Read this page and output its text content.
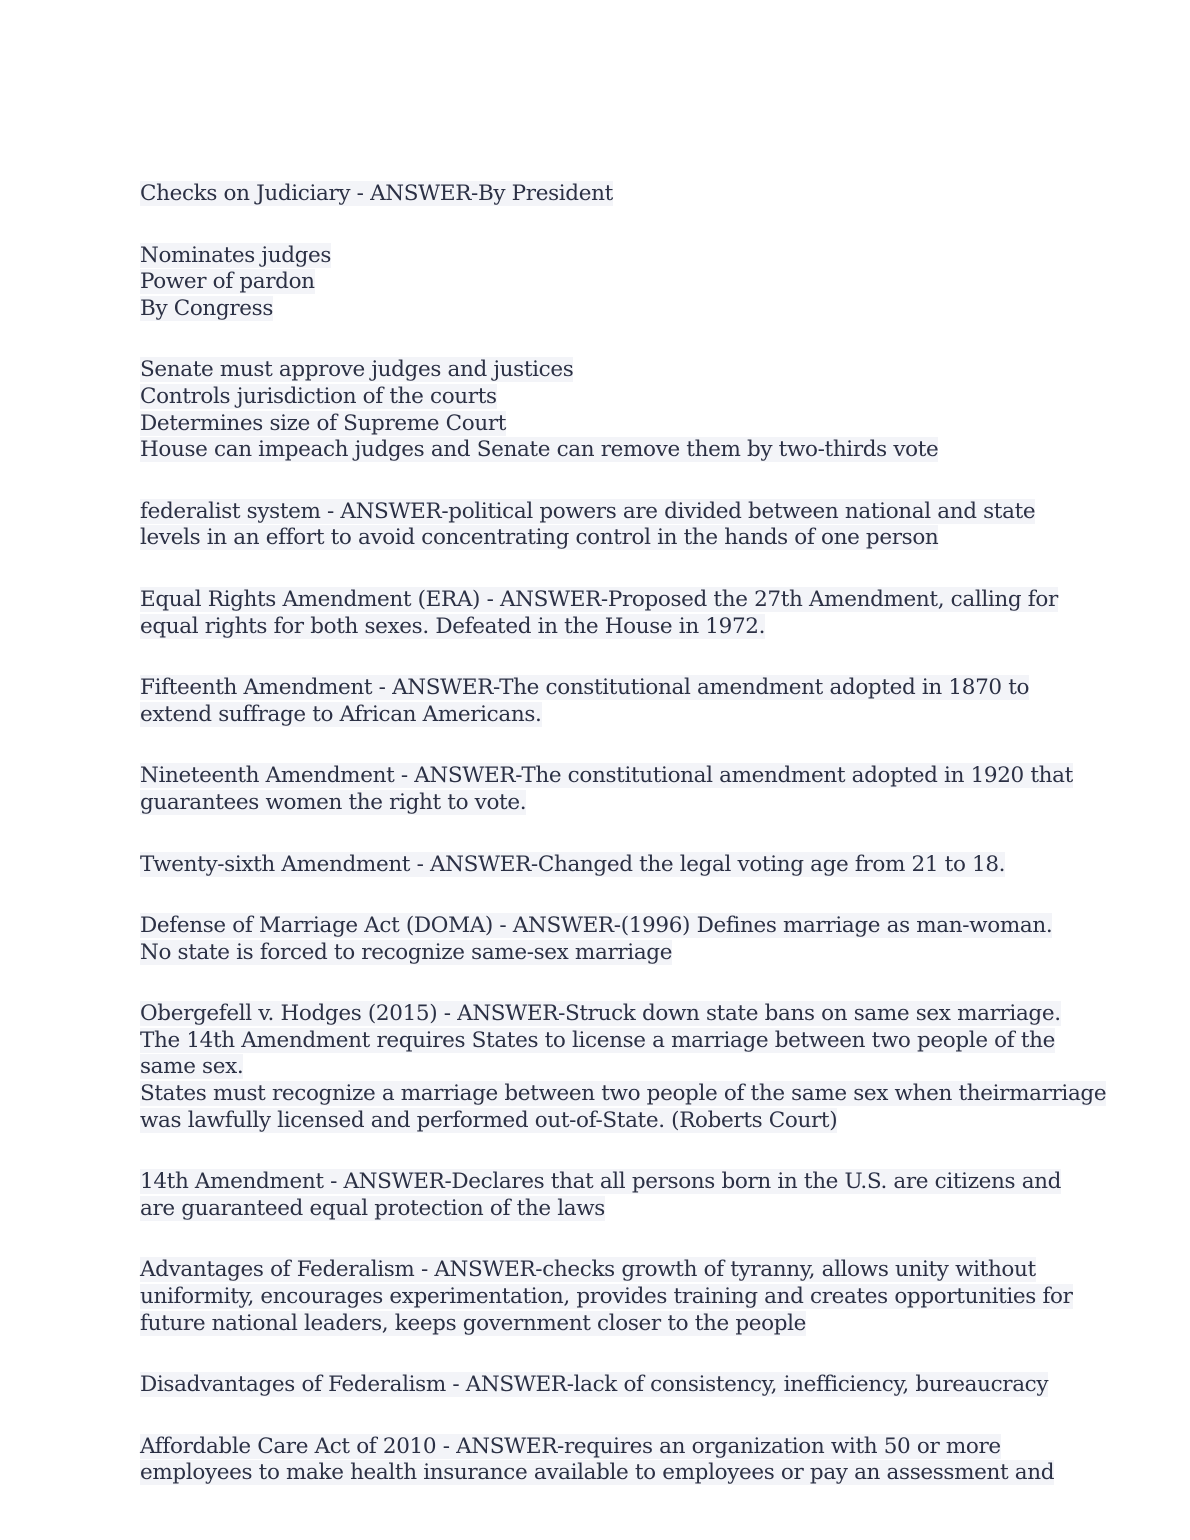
Checks on Judiciary - ANSWER-By President
Nominates judges
Power of pardon
By Congress
Senate must approve judges and justices
Controls jurisdiction of the courts
Determines size of Supreme Court
House can impeach judges and Senate can remove them by two-thirds vote
federalist system - ANSWER-political powers are divided between national and state
levels in an effort to avoid concentrating control in the hands of one person
Equal Rights Amendment (ERA) - ANSWER-Proposed the 27th Amendment, calling for
equal rights for both sexes. Defeated in the House in 1972.
Fifteenth Amendment - ANSWER-The constitutional amendment adopted in 1870 to
extend suffrage to African Americans.
Nineteenth Amendment - ANSWER-The constitutional amendment adopted in 1920 that
guarantees women the right to vote.
Twenty-sixth Amendment - ANSWER-Changed the legal voting age from 21 to 18.
Defense of Marriage Act (DOMA) - ANSWER-(1996) Defines marriage as man-woman.
No state is forced to recognize same-sex marriage
Obergefell v. Hodges (2015) - ANSWER-Struck down state bans on same sex marriage.
The 14th Amendment requires States to license a marriage between two people of the
same sex.
States must recognize a marriage between two people of the same sex when theirmarriage
was lawfully licensed and performed out-of-State. (Roberts Court)
14th Amendment - ANSWER-Declares that all persons born in the U.S. are citizens and
are guaranteed equal protection of the laws
Advantages of Federalism - ANSWER-checks growth of tyranny, allows unity without
uniformity, encourages experimentation, provides training and creates opportunities for
future national leaders, keeps government closer to the people
Disadvantages of Federalism - ANSWER-lack of consistency, inefficiency, bureaucracy
Affordable Care Act of 2010 - ANSWER-requires an organization with 50 or more
employees to make health insurance available to employees or pay an assessment and
